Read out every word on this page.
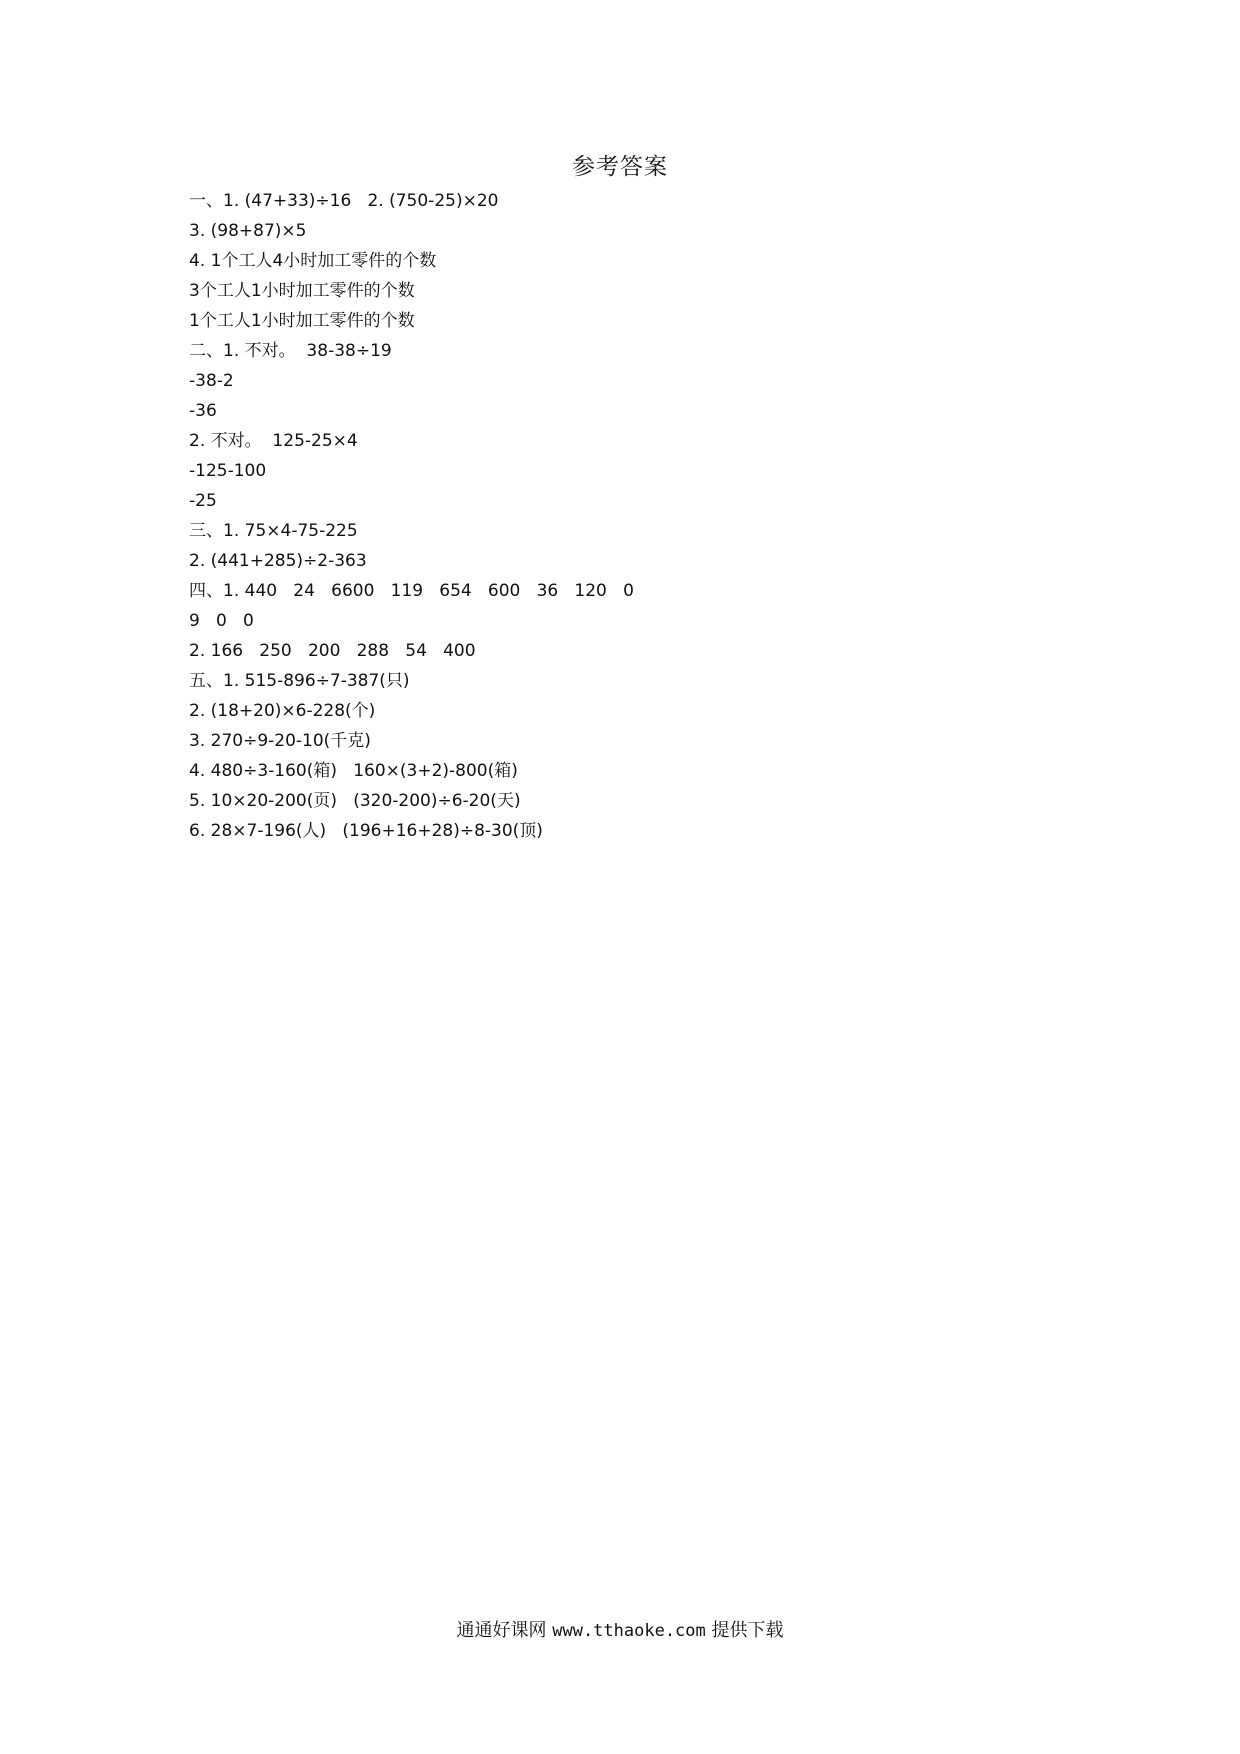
参考答案
一、1. (47+33)÷16   2. (750-25)×20
3. (98+87)×5
4. 1个工人4小时加工零件的个数
3个工人1小时加工零件的个数
1个工人1小时加工零件的个数
二、1. 不对。  38-38÷19
-38-2
-36
2. 不对。  125-25×4
-125-100
-25
三、1. 75×4-75-225
2. (441+285)÷2-363
四、1. 440   24   6600   119   654   600   36   120   0
9   0   0
2. 166   250   200   288   54   400
五、1. 515-896÷7-387(只)
2. (18+20)×6-228(个)
3. 270÷9-20-10(千克)
4. 480÷3-160(箱)   160×(3+2)-800(箱)
5. 10×20-200(页)   (320-200)÷6-20(天)
6. 28×7-196(人)   (196+16+28)÷8-30(顶)
通通好课网 www.tthaoke.com 提供下载
